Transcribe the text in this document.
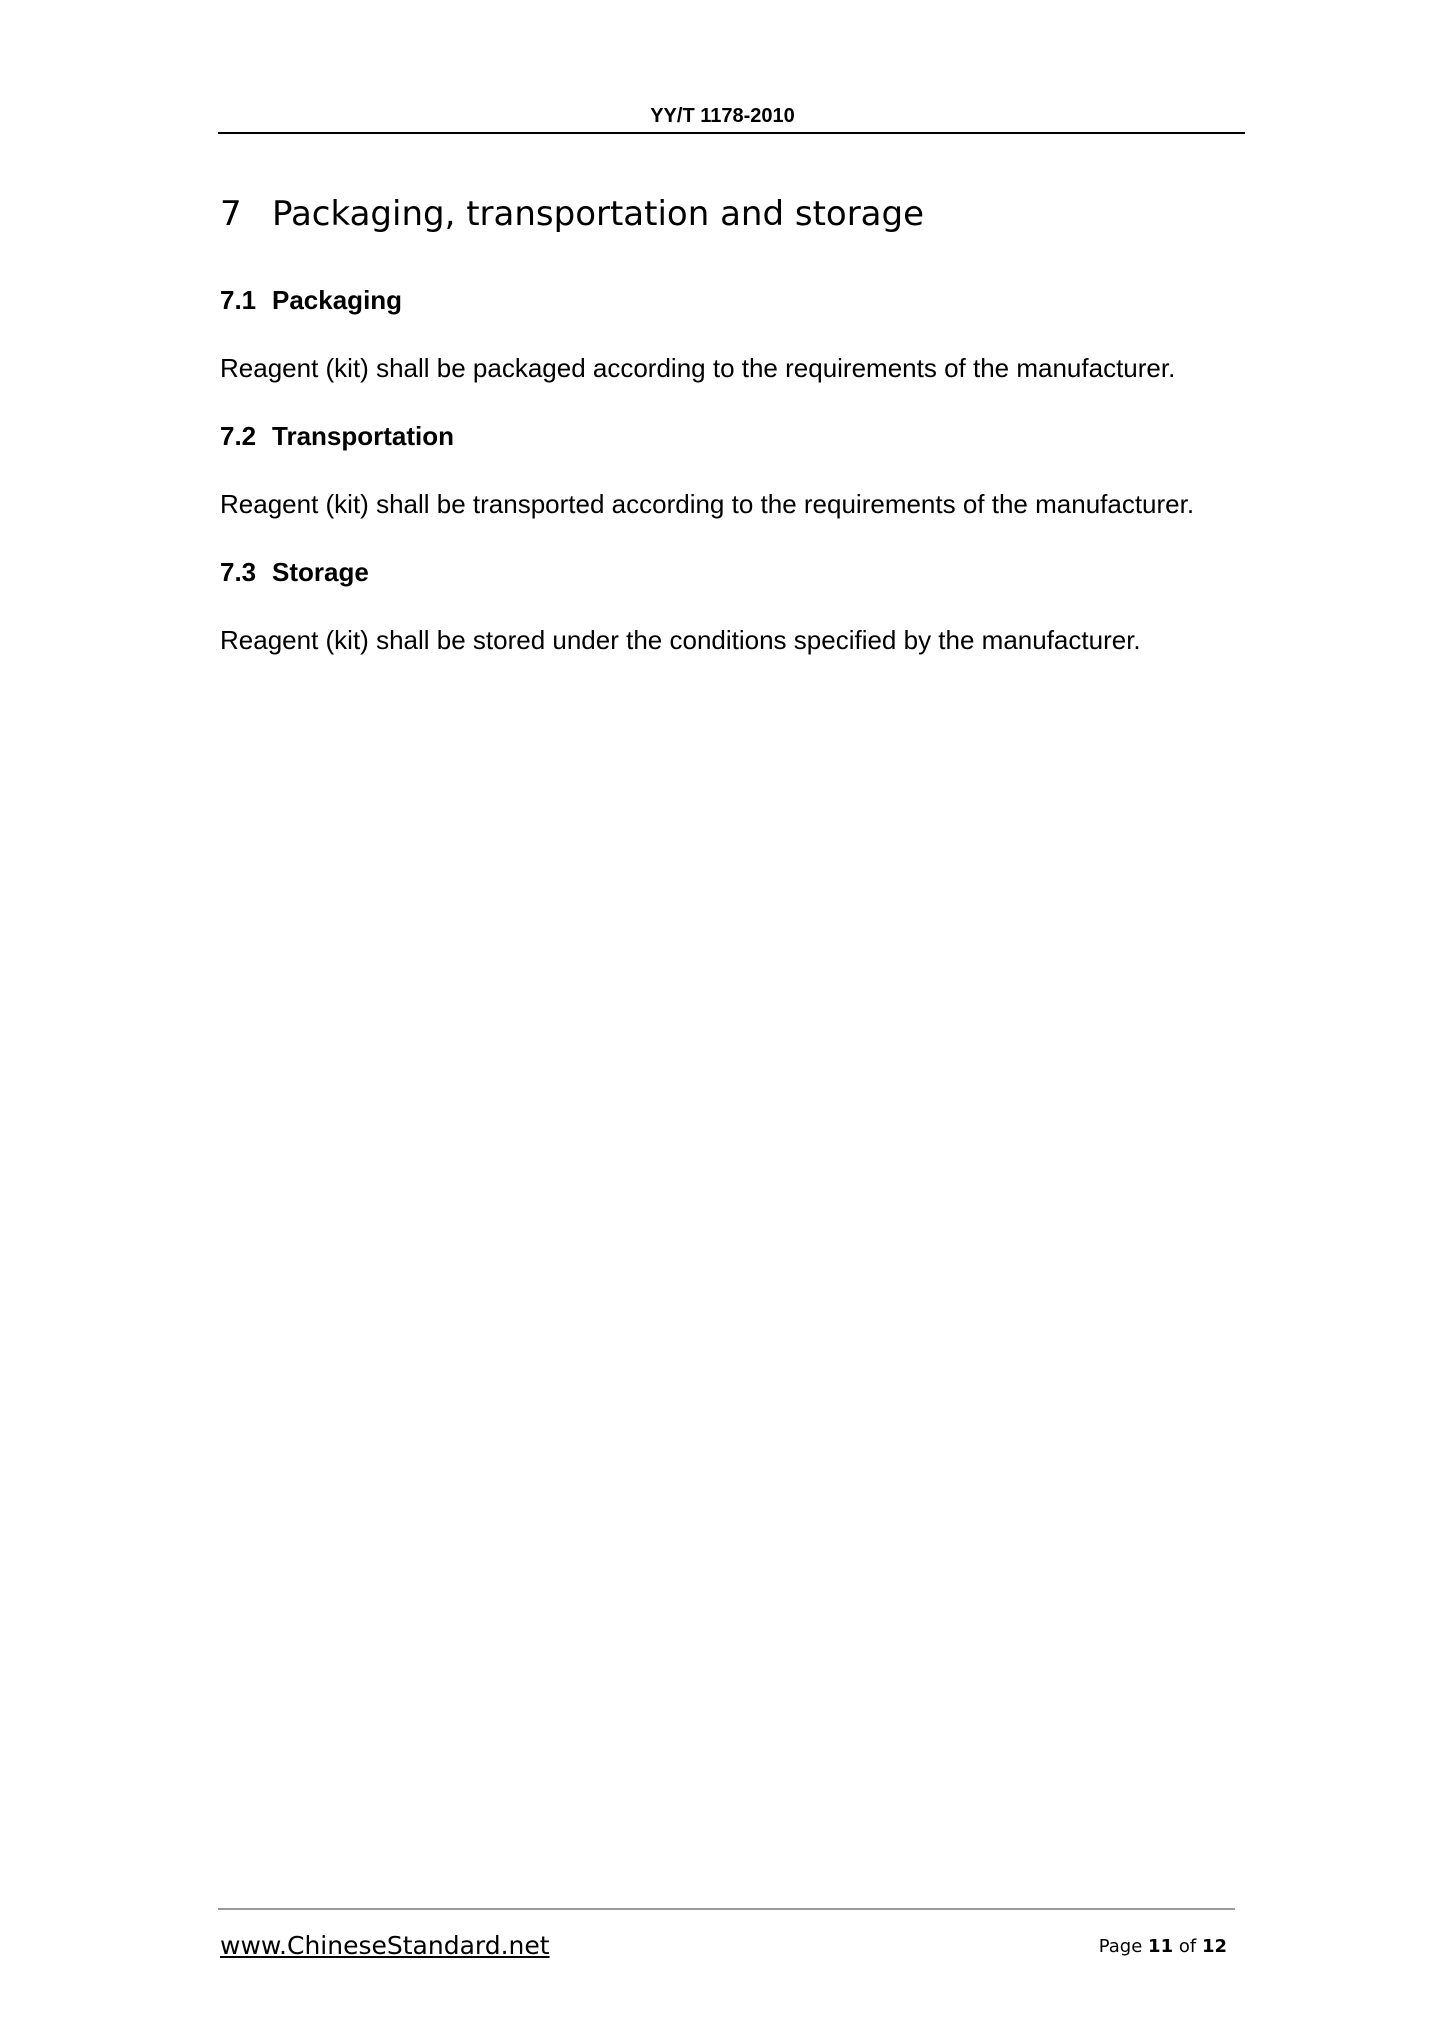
YY/T 1178-2010

7 Packaging, transportation and storage
7.1 Packaging

Reagent (kit) shall be packaged according to the requirements of the manufacturer.

7.2 Transportation

Reagent (kit) shall be transported according to the requirements of the manufacturer.

7.3 Storage

Reagent (kit) shall be stored under the conditions specified by the manufacturer.

www.ChineseStandard.net	Page 11 of 12
